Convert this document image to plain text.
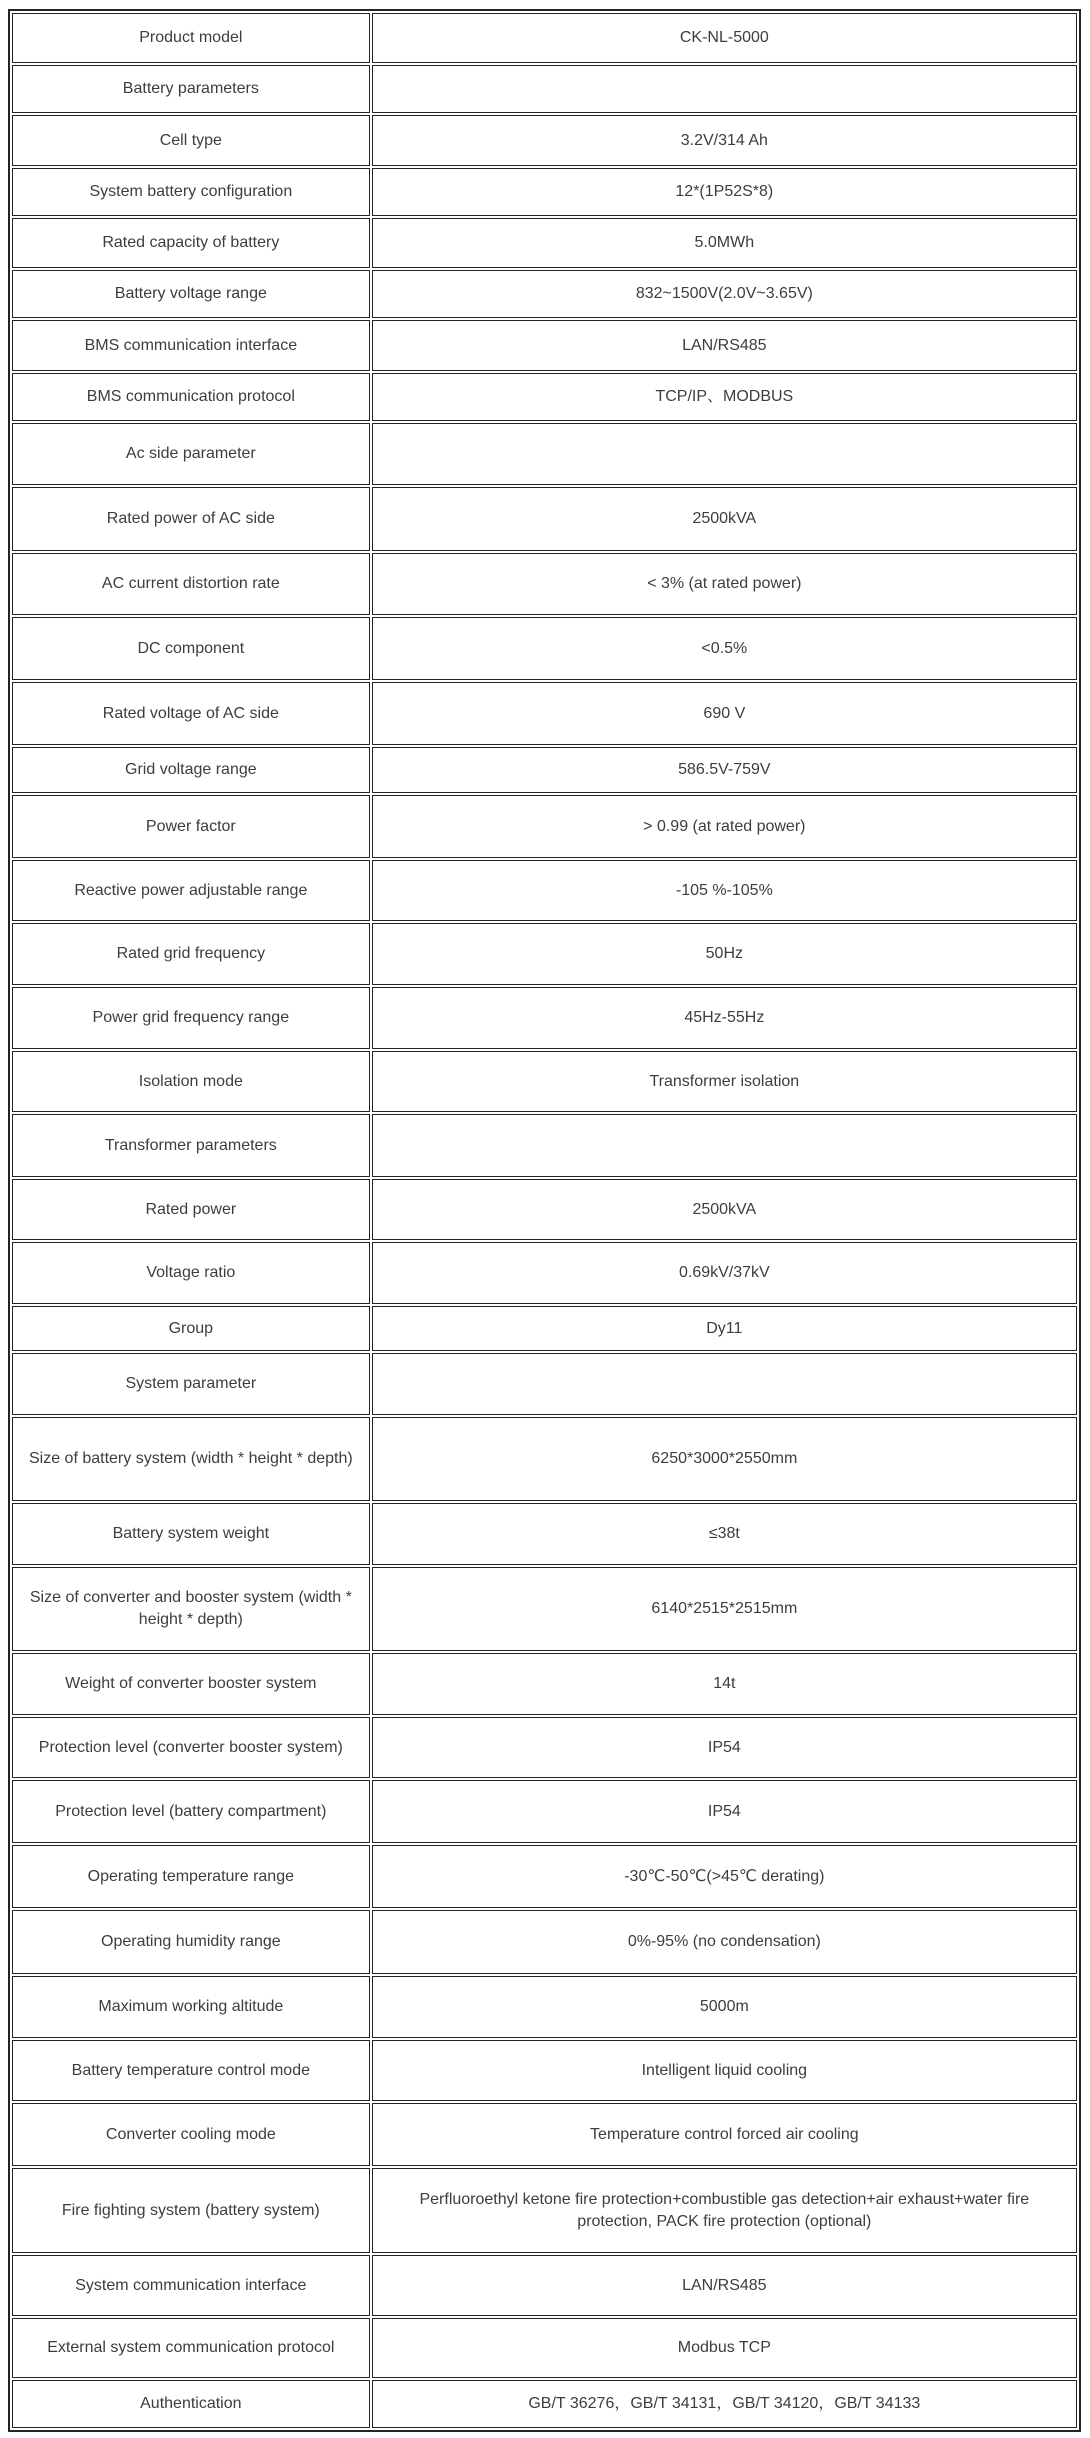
Product model	CK-NL-5000
Battery parameters	
Cell type	3.2V/314 Ah
System battery configuration	12*(1P52S*8)
Rated capacity of battery	5.0MWh
Battery voltage range	832~1500V(2.0V~3.65V)
BMS communication interface	LAN/RS485
BMS communication protocol	TCP/IP、MODBUS
Ac side parameter	
Rated power of AC side	2500kVA
AC current distortion rate	< 3% (at rated power)
DC component	<0.5%
Rated voltage of AC side	690 V
Grid voltage range	586.5V-759V
Power factor	> 0.99 (at rated power)
Reactive power adjustable range	-105 %-105%
Rated grid frequency	50Hz
Power grid frequency range	45Hz-55Hz
Isolation mode	Transformer isolation
Transformer parameters	
Rated power	2500kVA
Voltage ratio	0.69kV/37kV
Group	Dy11
System parameter	
Size of battery system (width * height * depth)	6250*3000*2550mm
Battery system weight	≤38t
Size of converter and booster system (width * height * depth)	6140*2515*2515mm
Weight of converter booster system	14t
Protection level (converter booster system)	IP54
Protection level (battery compartment)	IP54
Operating temperature range	-30℃-50℃(>45℃ derating)
Operating humidity range	0%-95% (no condensation)
Maximum working altitude	5000m
Battery temperature control mode	Intelligent liquid cooling
Converter cooling mode	Temperature control forced air cooling
Fire fighting system (battery system)	Perfluoroethyl ketone fire protection+combustible gas detection+air exhaust+water fire protection, PACK fire protection (optional)
System communication interface	LAN/RS485
External system communication protocol	Modbus TCP
Authentication	GB/T 36276，GB/T 34131，GB/T 34120，GB/T 34133
